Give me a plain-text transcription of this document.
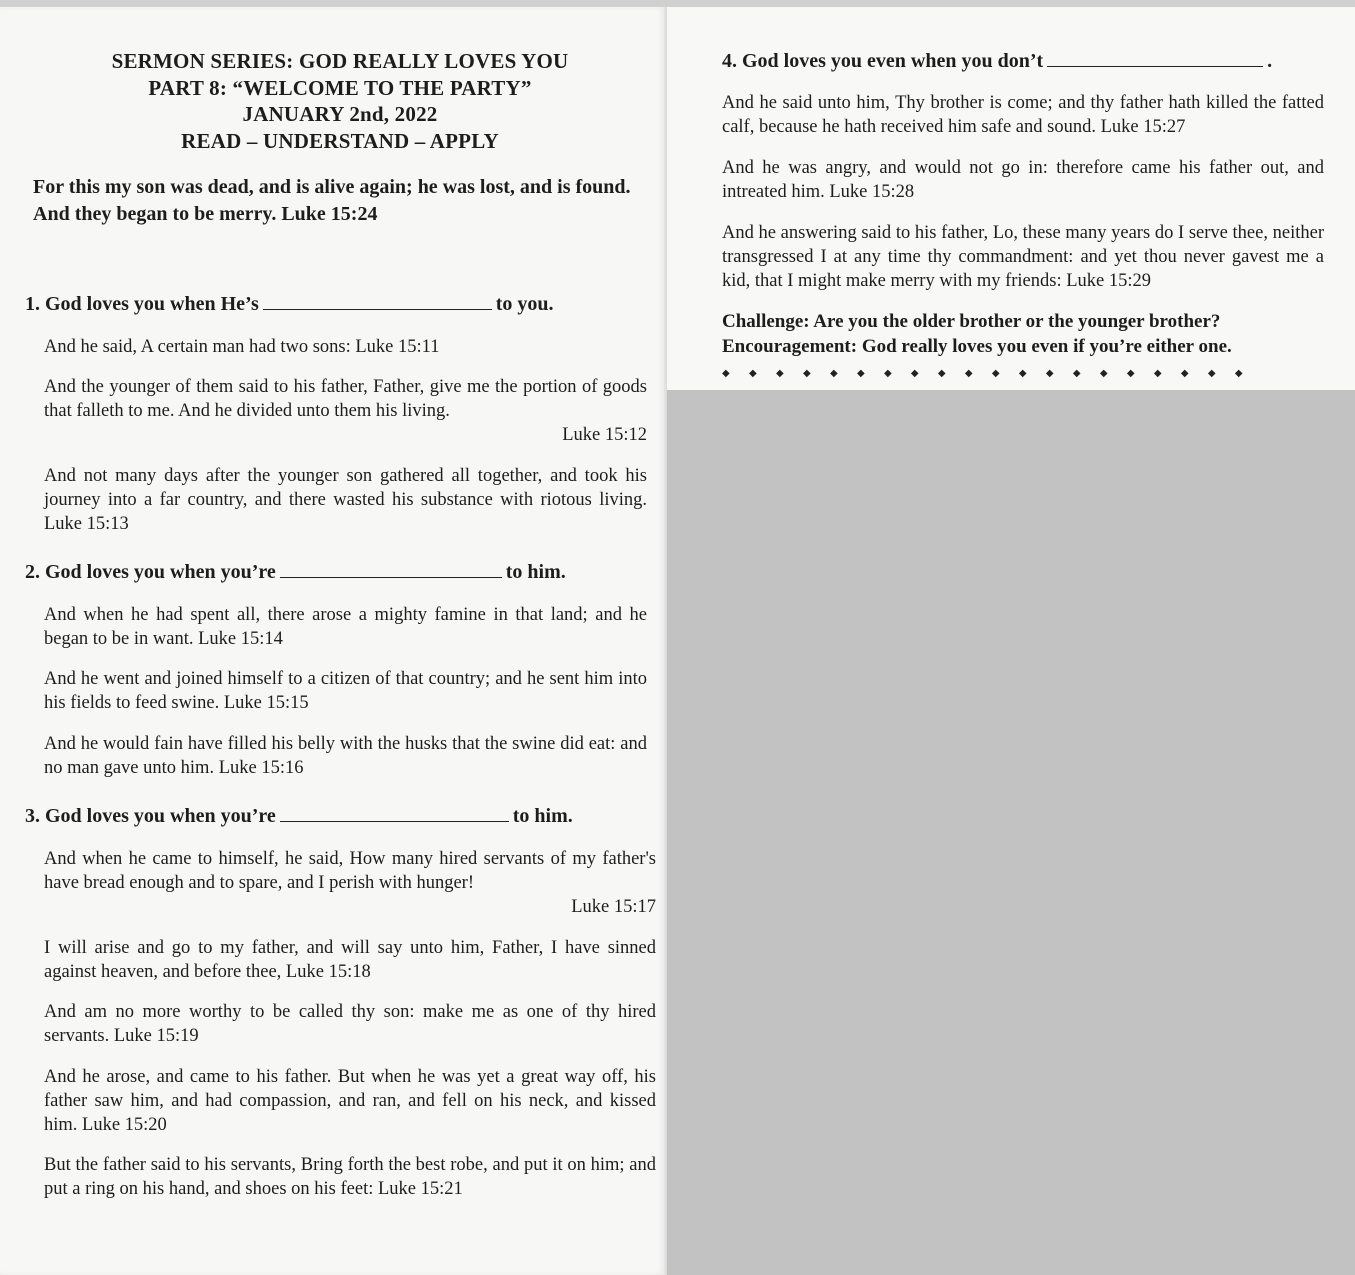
SERMON SERIES: GOD REALLY LOVES YOU
PART 8: “WELCOME TO THE PARTY”
JANUARY 2nd, 2022
READ – UNDERSTAND – APPLY
For this my son was dead, and is alive again; he was lost, and is found. And they began to be merry. Luke 15:24
1. God loves you when He’s	to you.
And he said, A certain man had two sons: Luke 15:11
And the younger of them said to his father, Father, give me the portion of goods that falleth to me. And he divided unto them his living.
Luke 15:12
And not many days after the younger son gathered all together, and took his journey into a far country, and there wasted his substance with riotous living. Luke 15:13
2. God loves you when you’re	to him.
And when he had spent all, there arose a mighty famine in that land; and he began to be in want. Luke 15:14
And he went and joined himself to a citizen of that country; and he sent him into his fields to feed swine. Luke 15:15
And he would fain have filled his belly with the husks that the swine did eat: and no man gave unto him. Luke 15:16
3. God loves you when you’re	to him.
And when he came to himself, he said, How many hired servants of my father's have bread enough and to spare, and I perish with hunger!
Luke 15:17
I will arise and go to my father, and will say unto him, Father, I have sinned against heaven, and before thee, Luke 15:18
And am no more worthy to be called thy son: make me as one of thy hired servants. Luke 15:19
And he arose, and came to his father. But when he was yet a great way off, his father saw him, and had compassion, and ran, and fell on his neck, and kissed him. Luke 15:20
But the father said to his servants, Bring forth the best robe, and put it on him; and put a ring on his hand, and shoes on his feet: Luke 15:21
4. God loves you even when you don’t	.
And he said unto him, Thy brother is come; and thy father hath killed the fatted calf, because he hath received him safe and sound. Luke 15:27
And he was angry, and would not go in: therefore came his father out, and intreated him. Luke 15:28
And he answering said to his father, Lo, these many years do I serve thee, neither transgressed I at any time thy commandment: and yet thou never gavest me a kid, that I might make merry with my friends: Luke 15:29
Challenge: Are you the older brother or the younger brother?
Encouragement: God really loves you even if you’re either one.
◆◆◆◆◆◆◆◆◆◆◆◆◆◆◆◆◆◆◆◆
